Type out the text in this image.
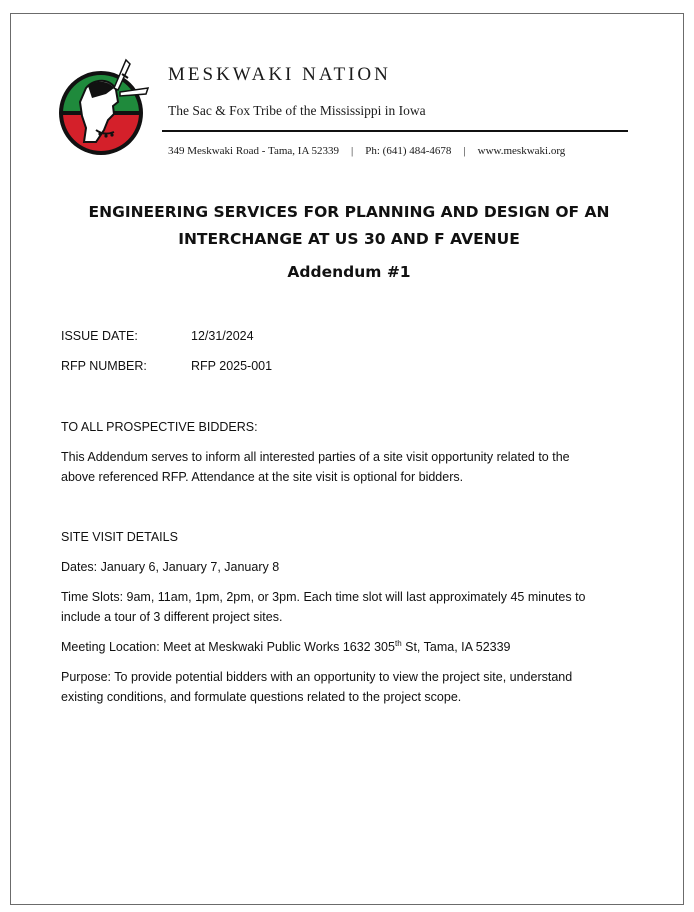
MESKWAKI NATION
The Sac & Fox Tribe of the Mississippi in Iowa
349 Meskwaki Road - Tama, IA 52339 | Ph: (641) 484-4678 | www.meskwaki.org
ENGINEERING SERVICES FOR PLANNING AND DESIGN OF AN
INTERCHANGE AT US 30 AND F AVENUE
Addendum #1
ISSUE DATE:	12/31/2024
RFP NUMBER:	RFP 2025-001
TO ALL PROSPECTIVE BIDDERS:
This Addendum serves to inform all interested parties of a site visit opportunity related to the
above referenced RFP. Attendance at the site visit is optional for bidders.
SITE VISIT DETAILS
Dates: January 6, January 7, January 8
Time Slots: 9am, 11am, 1pm, 2pm, or 3pm. Each time slot will last approximately 45 minutes to
include a tour of 3 different project sites.
Meeting Location: Meet at Meskwaki Public Works 1632 305th St, Tama, IA 52339
Purpose: To provide potential bidders with an opportunity to view the project site, understand
existing conditions, and formulate questions related to the project scope.
